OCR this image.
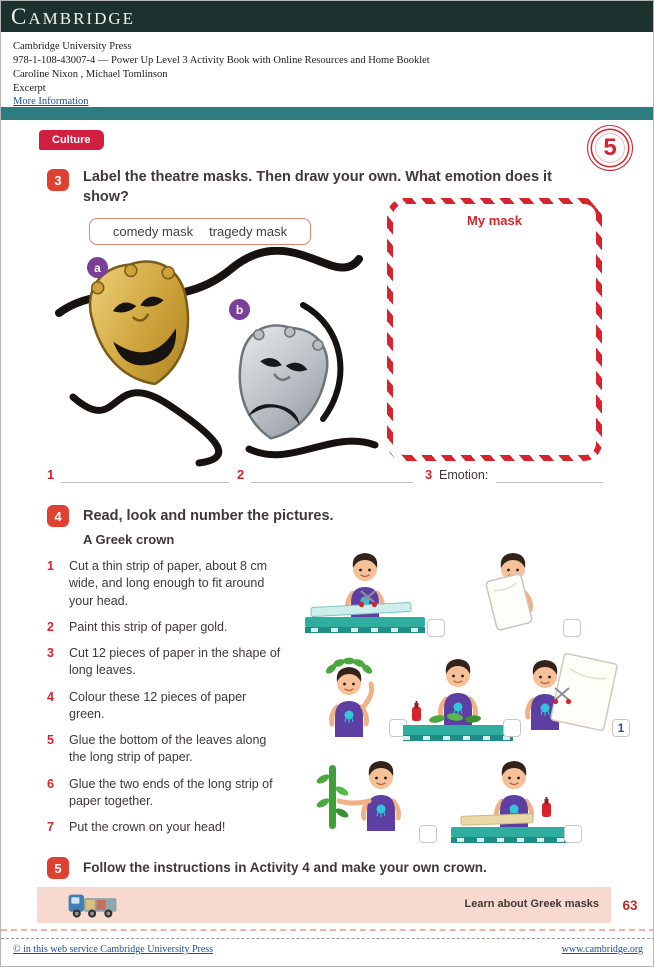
CAMBRIDGE
Cambridge University Press
978-1-108-43007-4 — Power Up Level 3 Activity Book with Online Resources and Home Booklet
Caroline Nixon , Michael Tomlinson
Excerpt
More Information
Culture	5
3	Label the theatre masks. Then draw your own. What emotion does it show?
comedy mask tragedy mask
a
b
My mask
1	2	3 Emotion:
4	Read, look and number the pictures.
A Greek crown
1	Cut a thin strip of paper, about 8 cm wide, and long enough to fit around your head.
2	Paint this strip of paper gold.
3	Cut 12 pieces of paper in the shape of long leaves.
4	Colour these 12 pieces of paper green.
5	Glue the bottom of the leaves along the long strip of paper.
6	Glue the two ends of the long strip of paper together.
7	Put the crown on your head!
1
5	Follow the instructions in Activity 4 and make your own crown.
Learn about Greek masks	63
© in this web service Cambridge University Press	www.cambridge.org
